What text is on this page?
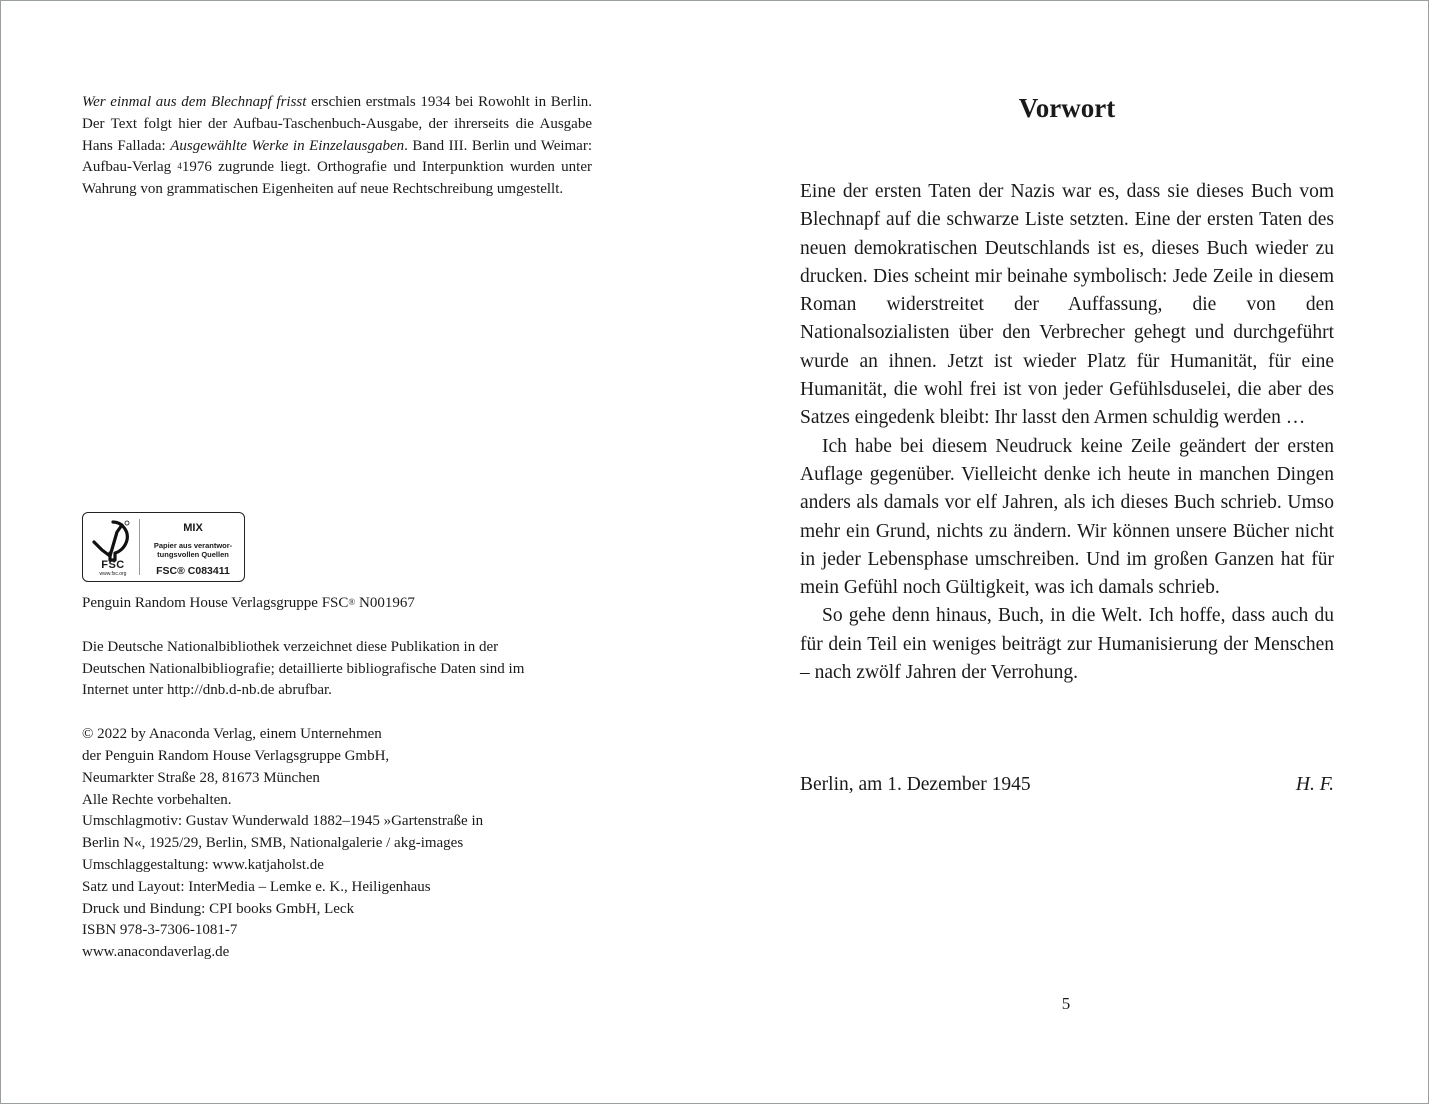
Wer einmal aus dem Blechnapf frisst erschien erstmals 1934 bei Rowohlt in Berlin. Der Text folgt hier der Aufbau-Taschenbuch-Ausgabe, der ihrerseits die Ausgabe Hans Fallada: Ausgewählte Werke in Einzelausgaben. Band III. Berlin und Weimar: Aufbau-Verlag $^4$1976 zugrunde liegt. Orthografie und Interpunktion wurden unter Wahrung von grammatischen Eigenheiten auf neue Rechtschreibung umgestellt.

FSC
www.fsc.org
MIX
Papier aus verantwor-tungsvollen Quellen
FSC® C083411

Penguin Random House Verlagsgruppe FSC® N001967

Die Deutsche Nationalbibliothek verzeichnet diese Publikation in der Deutschen Nationalbibliografie; detaillierte bibliografische Daten sind im Internet unter http://dnb.d-nb.de abrufbar.

© 2022 by Anaconda Verlag, einem Unternehmen

der Penguin Random House Verlagsgruppe GmbH,

Neumarkter Straße 28, 81673 München

Alle Rechte vorbehalten.

Umschlagmotiv: Gustav Wunderwald 1882–1945 »Gartenstraße in

Berlin N«, 1925/29, Berlin, SMB, Nationalgalerie / akg-images

Umschlaggestaltung: www.katjaholst.de

Satz und Layout: InterMedia – Lemke e. K., Heiligenhaus

Druck und Bindung: CPI books GmbH, Leck

ISBN 978-3-7306-1081-7

www.anacondaverlag.de

Vorwort

Eine der ersten Taten der Nazis war es, dass sie dieses Buch vom Blechnapf auf die schwarze Liste setzten. Eine der ersten Taten des neuen demokratischen Deutschlands ist es, dieses Buch wieder zu drucken. Dies scheint mir beinahe symbolisch: Jede Zeile in diesem Roman widerstreitet der Auffassung, die von den Nationalsozialisten über den Verbrecher gehegt und durchgeführt wurde an ihnen. Jetzt ist wieder Platz für Humanität, für eine Humanität, die wohl frei ist von jeder Gefühlsduselei, die aber des Satzes eingedenk bleibt: Ihr lasst den Armen schuldig werden …

Ich habe bei diesem Neudruck keine Zeile geändert der ersten Auflage gegenüber. Vielleicht denke ich heute in manchen Dingen anders als damals vor elf Jahren, als ich dieses Buch schrieb. Umso mehr ein Grund, nichts zu ändern. Wir können unsere Bücher nicht in jeder Lebensphase umschreiben. Und im großen Ganzen hat für mein Gefühl noch Gültigkeit, was ich damals schrieb.

So gehe denn hinaus, Buch, in die Welt. Ich hoffe, dass auch du für dein Teil ein weniges beiträgt zur Humanisierung der Menschen – nach zwölf Jahren der Verrohung.

Berlin, am 1. Dezember 1945	H. F.
5
